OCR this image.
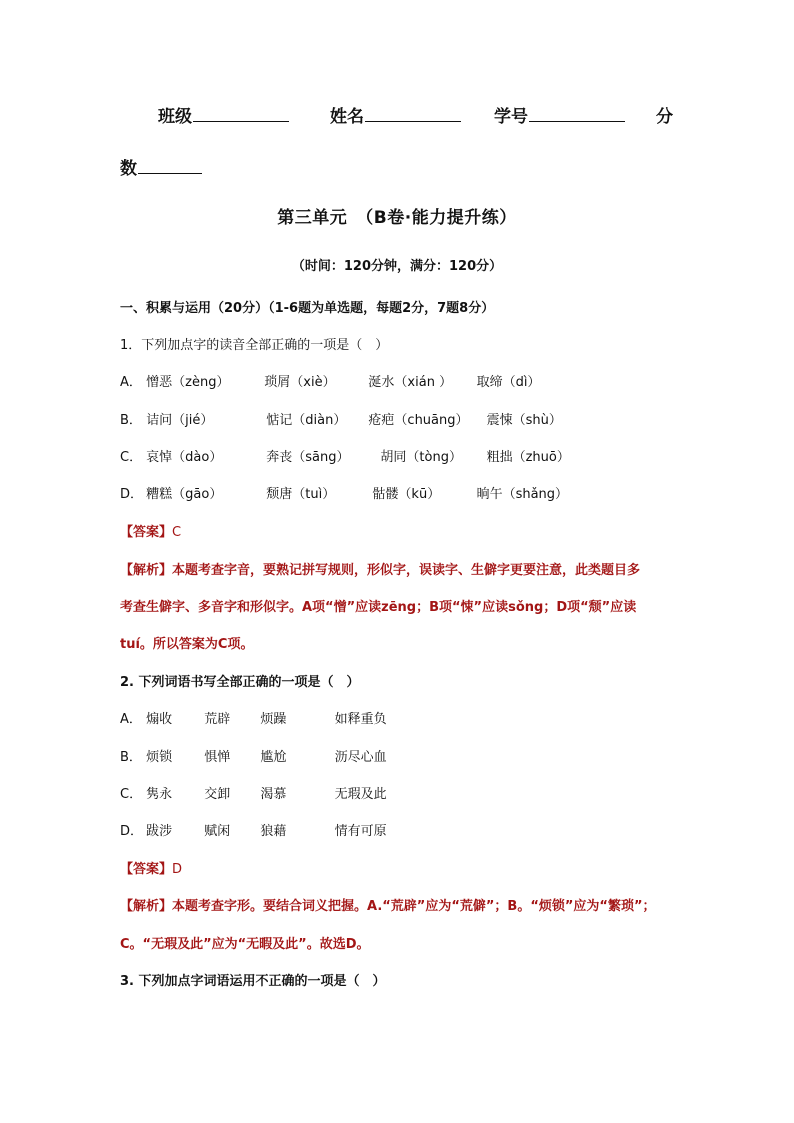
班级	姓名	学号	分
数
第三单元　（B卷·能力提升练）
（时间：120分钟，满分：120分）
一、积累与运用（20分）（1-6题为单选题，每题2分，7题8分）
1．下列加点字的读音全部正确的一项是（　）
A． 憎恶（zèng）	琐屑（xiè）	涎水（xián ） 取缔（dì）
B． 诘问（jié）	惦记（diàn） 疮疤（chuāng） 震悚（shù）
C． 哀悼（dào）	奔丧（sāng） 胡同（tòng） 粗拙（zhuō）
D． 糟糕（gāo）	颓唐（tuì）	骷髅（kū）	晌午（shǎng）
【答案】C
【解析】本题考查字音，要熟记拼写规则，形似字，误读字、生僻字更要注意，此类题目多
考查生僻字、多音字和形似字。A项“憎”应读zēng；B项“悚”应读sǒng；D项“颓”应读
tuí。所以答案为C项。
2. 下列词语书写全部正确的一项是（　）
A． 煽收 荒辟 烦躁	如释重负
B． 烦锁 惧惮 尴尬	沥尽心血
C． 隽永 交卸 渴慕	无瑕及此
D． 跋涉 赋闲 狼藉	情有可原
【答案】D
【解析】本题考查字形。要结合词义把握。A.“荒辟”应为“荒僻”；B。“烦锁”应为“繁琐”；
C。“无瑕及此”应为“无暇及此”。故选D。
3. 下列加点字词语运用不正确的一项是（　）
